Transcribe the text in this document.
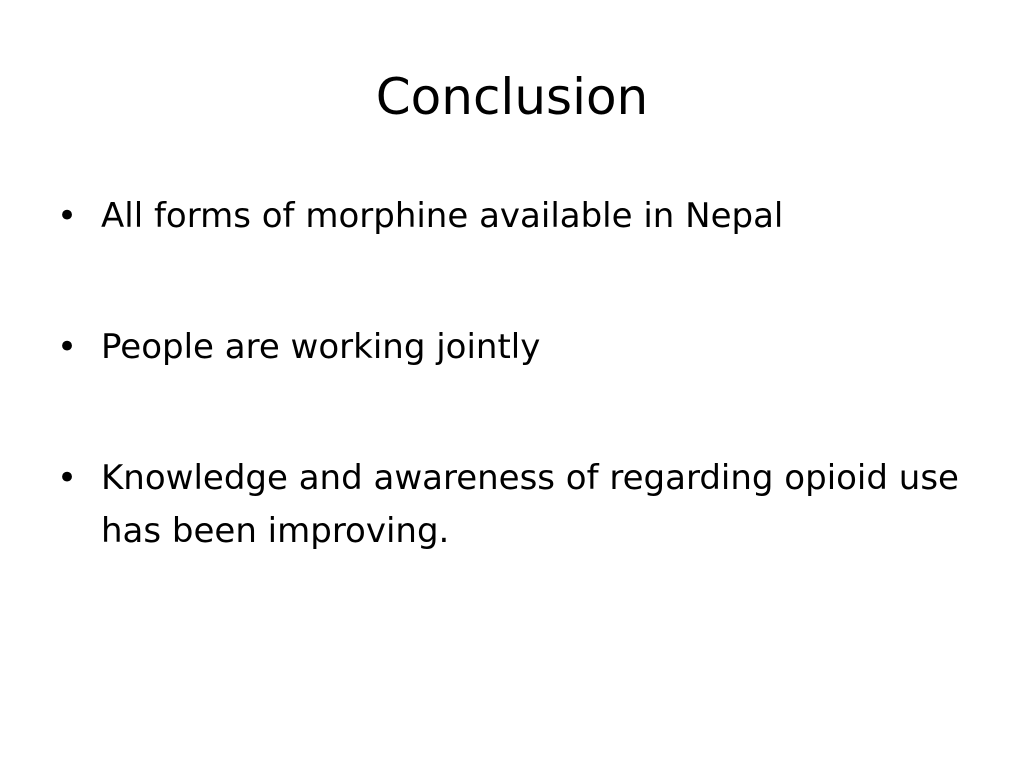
Conclusion
• All forms of morphine available in Nepal
• People are working jointly
• Knowledge and awareness of regarding opioid use has been improving.
